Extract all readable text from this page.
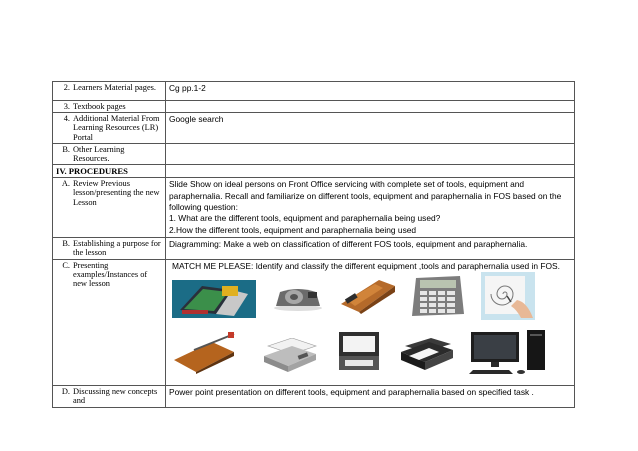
2. Learners Material pages.	Cg pp.1-2
3. Textbook pages	
4. Additional Material From Learning Resources (LR) Portal	Google search
B. Other Learning Resources.	
IV. PROCEDURES	
A. Review Previous lesson/presenting the new Lesson	Slide Show on ideal persons on Front Office servicing with complete set of tools, equipment and
paraphernalia. Recall and familiarize on different tools, equipment and paraphernalia in FOS based on the
following question:
1. What are the different tools, equipment and paraphernalia being used?
2.How the different tools, equipment and paraphernalia being used

B. Establishing a purpose for the lesson	Diagramming: Make a web on classification of different FOS tools, equipment and paraphernalia.
C. Presenting examples/Instances of new lesson	MATCH ME PLEASE: Identify and classify the different equipment ,tools and paraphernalia used in FOS.

D. Discussing new concepts and	Power point presentation on different tools, equipment and paraphernalia based on specified task .
